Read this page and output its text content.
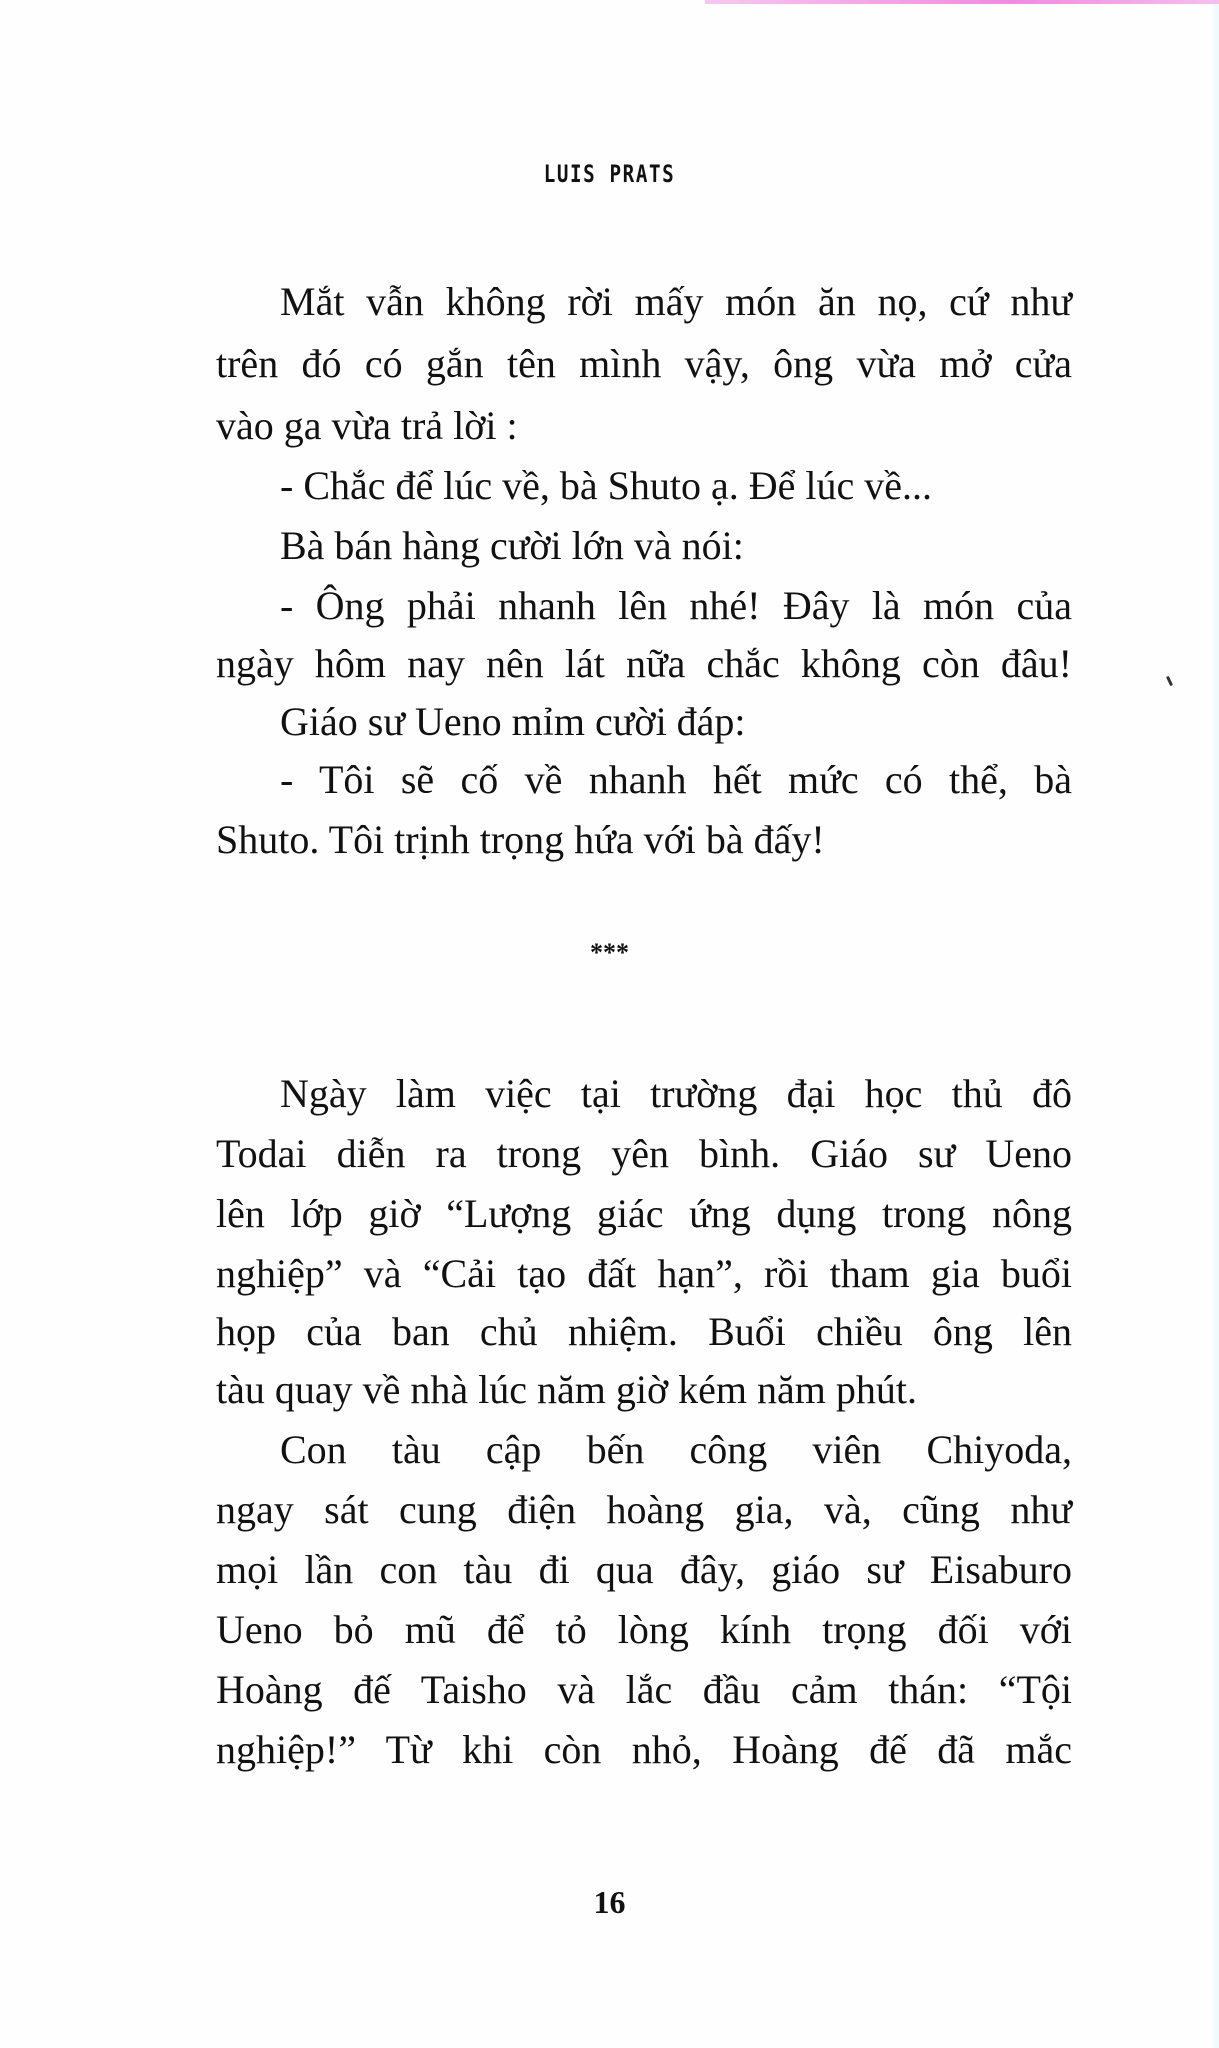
LUIS PRATS
Mắt vẫn không rời mấy món ăn nọ, cứ như
trên đó có gắn tên mình vậy, ông vừa mở cửa
vào ga vừa trả lời :
- Chắc để lúc về, bà Shuto ạ. Để lúc về...
Bà bán hàng cười lớn và nói:
- Ông phải nhanh lên nhé! Đây là món của
ngày hôm nay nên lát nữa chắc không còn đâu!
Giáo sư Ueno mỉm cười đáp:
- Tôi sẽ cố về nhanh hết mức có thể, bà
Shuto. Tôi trịnh trọng hứa với bà đấy!
***
Ngày làm việc tại trường đại học thủ đô
Todai diễn ra trong yên bình. Giáo sư Ueno
lên lớp giờ “Lượng giác ứng dụng trong nông
nghiệp” và “Cải tạo đất hạn”, rồi tham gia buổi
họp của ban chủ nhiệm. Buổi chiều ông lên
tàu quay về nhà lúc năm giờ kém năm phút.
Con tàu cập bến công viên Chiyoda,
ngay sát cung điện hoàng gia, và, cũng như
mọi lần con tàu đi qua đây, giáo sư Eisaburo
Ueno bỏ mũ để tỏ lòng kính trọng đối với
Hoàng đế Taisho và lắc đầu cảm thán: “Tội
nghiệp!” Từ khi còn nhỏ, Hoàng đế đã mắc
16
